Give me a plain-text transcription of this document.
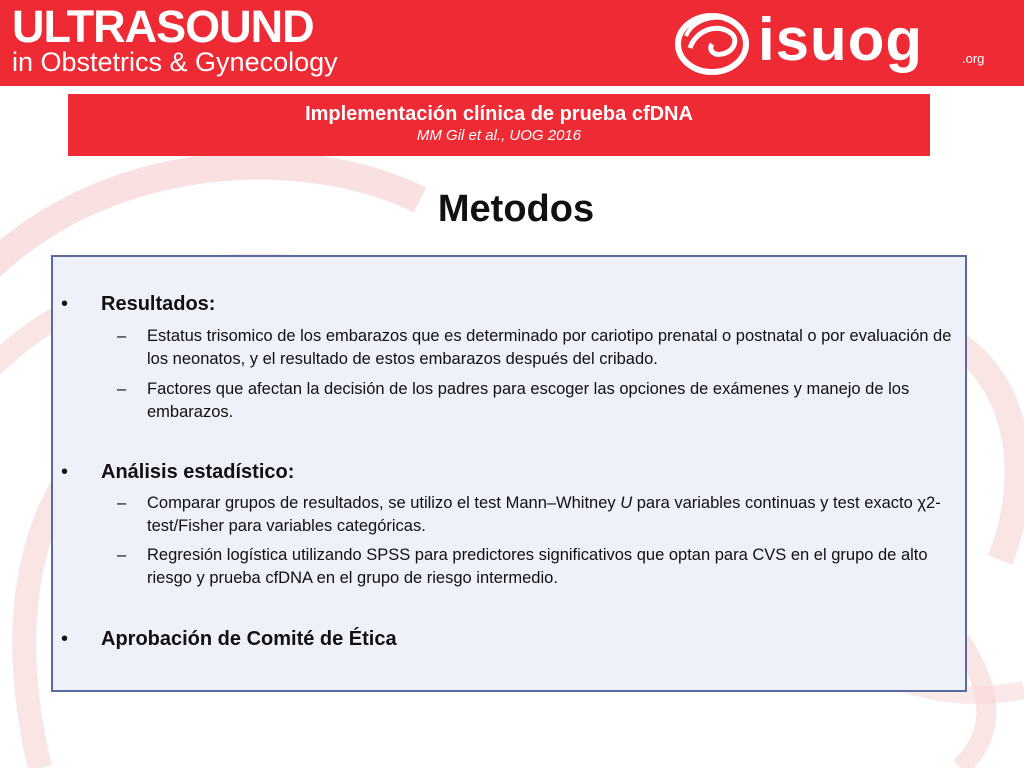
ULTRASOUND
in Obstetrics & Gynecology	isuog	.org
Implementación clínica de prueba cfDNA
MM Gil et al., UOG 2016
Metodos
• Resultados:
– Estatus trisomico de los embarazos que es determinado por cariotipo prenatal o postnatal o por evaluación de los neonatos, y el resultado de estos embarazos después del cribado.
– Factores que afectan la decisión de los padres para escoger las opciones de exámenes y manejo de los embarazos.
• Análisis estadístico:
– Comparar grupos de resultados, se utilizo el test Mann–Whitney U para variables continuas y test exacto χ2-test/Fisher para variables categóricas.
– Regresión logística utilizando SPSS para predictores significativos que optan para CVS en el grupo de alto riesgo y prueba cfDNA en el grupo de riesgo intermedio.
• Aprobación de Comité de Ética
